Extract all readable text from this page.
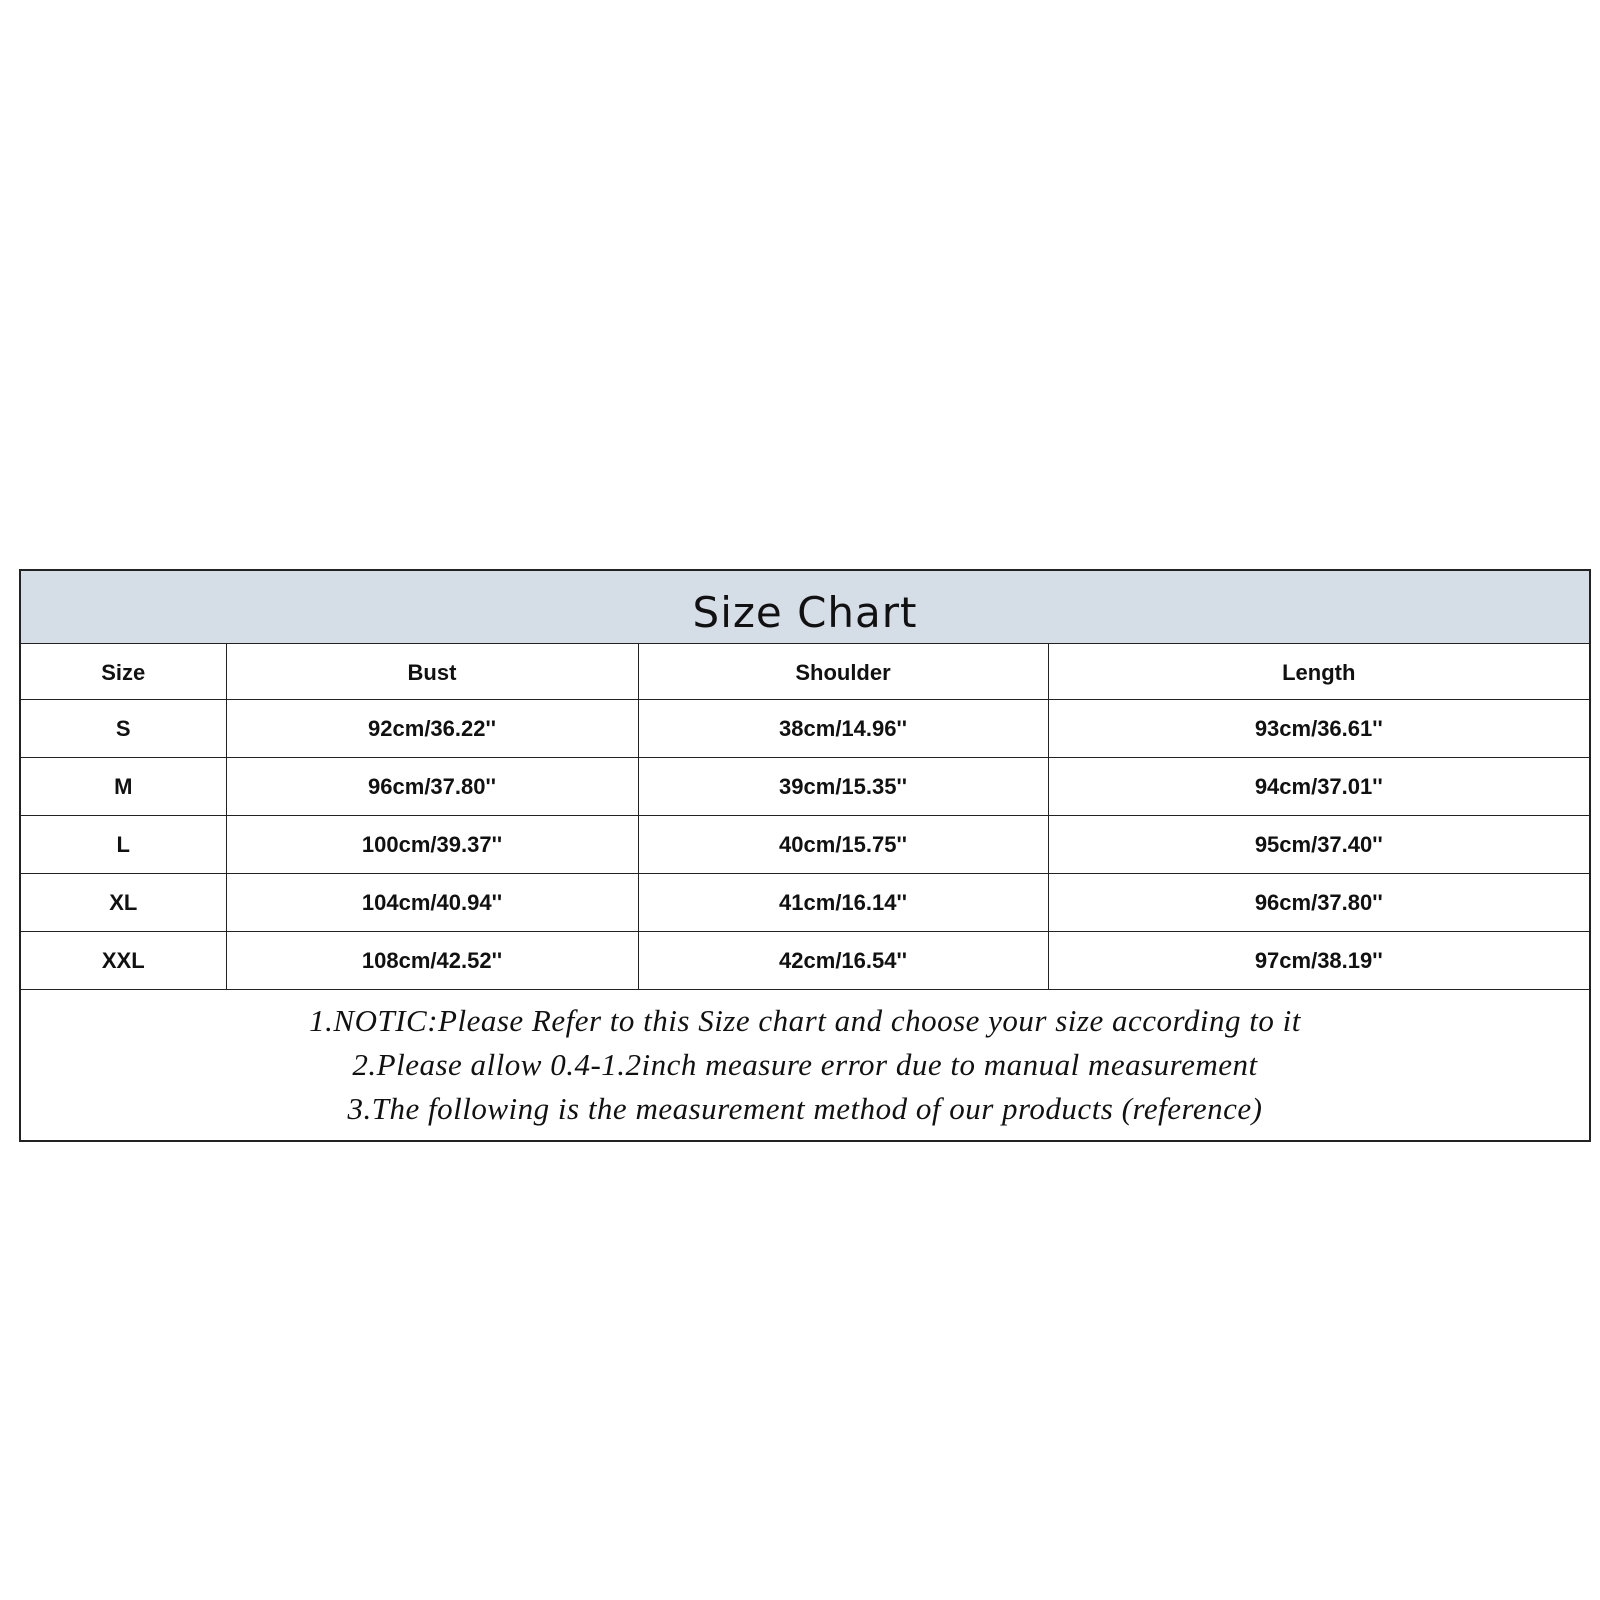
Size Chart			
Size	Bust	Shoulder	Length
S	92cm/36.22''	38cm/14.96''	93cm/36.61''
M	96cm/37.80''	39cm/15.35''	94cm/37.01''
L	100cm/39.37''	40cm/15.75''	95cm/37.40''
XL	104cm/40.94''	41cm/16.14''	96cm/37.80''
XXL	108cm/42.52''	42cm/16.54''	97cm/38.19''

1.NOTIC:Please Refer to this Size chart and choose your size according to it
2.Please allow 0.4-1.2inch measure error due to manual measurement
3.The following is the measurement method of our products (reference)			
